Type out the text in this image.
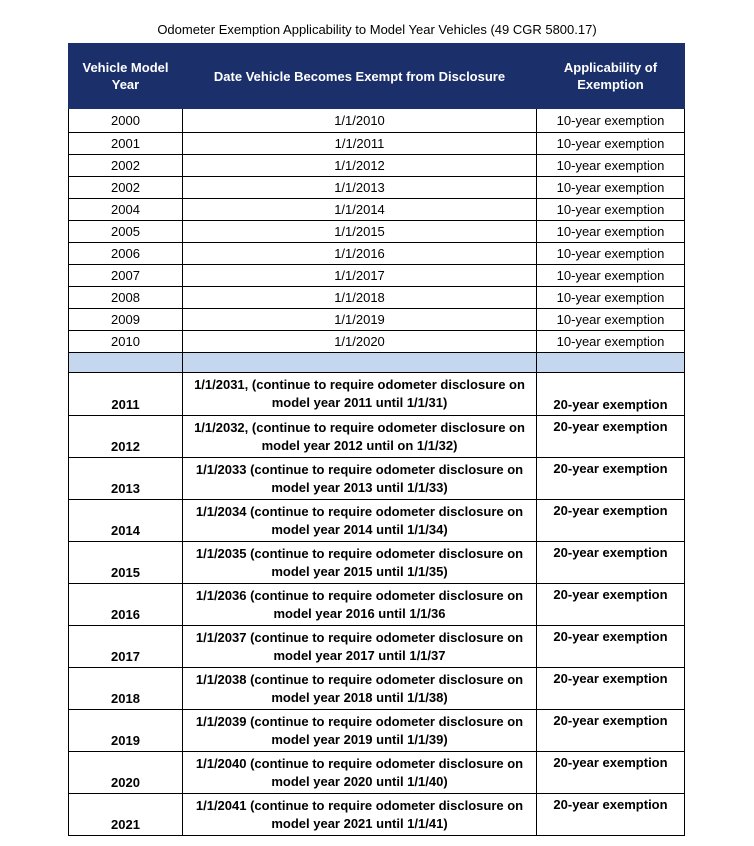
Odometer Exemption Applicability to Model Year Vehicles (49 CGR 5800.17)
Vehicle Model Year	Date Vehicle Becomes Exempt from Disclosure	Applicability of Exemption
2000	1/1/2010	10-year exemption
2001	1/1/2011	10-year exemption
2002	1/1/2012	10-year exemption
2002	1/1/2013	10-year exemption
2004	1/1/2014	10-year exemption
2005	1/1/2015	10-year exemption
2006	1/1/2016	10-year exemption
2007	1/1/2017	10-year exemption
2008	1/1/2018	10-year exemption
2009	1/1/2019	10-year exemption
2010	1/1/2020	10-year exemption

2011	1/1/2031, (continue to require odometer disclosure on model year 2011 until 1/1/31)	20-year exemption
2012	1/1/2032, (continue to require odometer disclosure on model year 2012 until on 1/1/32)	20-year exemption
2013	1/1/2033 (continue to require odometer disclosure on model year 2013 until 1/1/33)	20-year exemption
2014	1/1/2034 (continue to require odometer disclosure on model year 2014 until 1/1/34)	20-year exemption
2015	1/1/2035 (continue to require odometer disclosure on model year 2015 until 1/1/35)	20-year exemption
2016	1/1/2036 (continue to require odometer disclosure on model year 2016 until 1/1/36	20-year exemption
2017	1/1/2037 (continue to require odometer disclosure on model year 2017 until 1/1/37	20-year exemption
2018	1/1/2038 (continue to require odometer disclosure on model year 2018 until 1/1/38)	20-year exemption
2019	1/1/2039 (continue to require odometer disclosure on model year 2019 until 1/1/39)	20-year exemption
2020	1/1/2040 (continue to require odometer disclosure on model year 2020 until 1/1/40)	20-year exemption
2021	1/1/2041 (continue to require odometer disclosure on model year 2021 until 1/1/41)	20-year exemption
